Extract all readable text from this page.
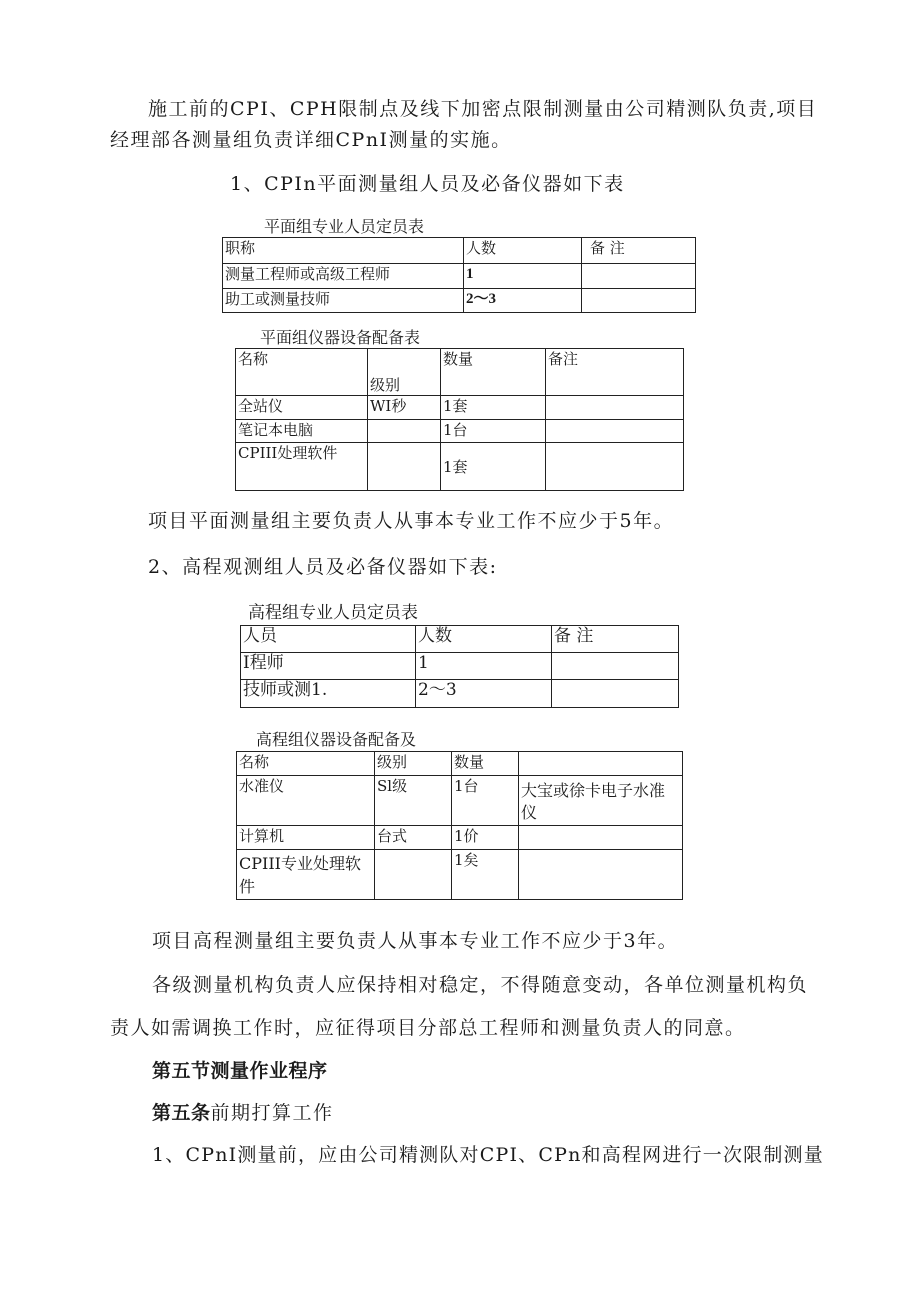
施工前的CPI、CPH限制点及线下加密点限制测量由公司精测队负责,项目
经理部各测量组负责详细CPnI测量的实施。
1、CPIn平面测量组人员及必备仪器如下表
平面组专业人员定员表
职称	人数	备 注
测量工程师或高级工程师	1	
助工或测量技师	2～3	
平面组仪器设备配备表
名称	级别	数量	备注
全站仪	WI秒	1套	
笔记本电脑		1台	
CPIII处理软件		1套	
项目平面测量组主要负责人从事本专业工作不应少于5年。
2、高程观测组人员及必备仪器如下表:
高程组专业人员定员表
人员	人数	备 注
I程师	1	
技师或测1.	2～3	
高程组仪器设备配备及
名称	级别	数量	
水准仪	Sl级	1台	大宝或徐卡电子水准仪
计算机	台式	1价	
CPIII专业处理软件		1矣	
项目高程测量组主要负责人从事本专业工作不应少于3年。
各级测量机构负责人应保持相对稳定，不得随意变动，各单位测量机构负
责人如需调换工作时，应征得项目分部总工程师和测量负责人的同意。
第五节测量作业程序
第五条前期打算工作
1、CPnI测量前，应由公司精测队对CPI、CPn和高程网进行一次限制测量
